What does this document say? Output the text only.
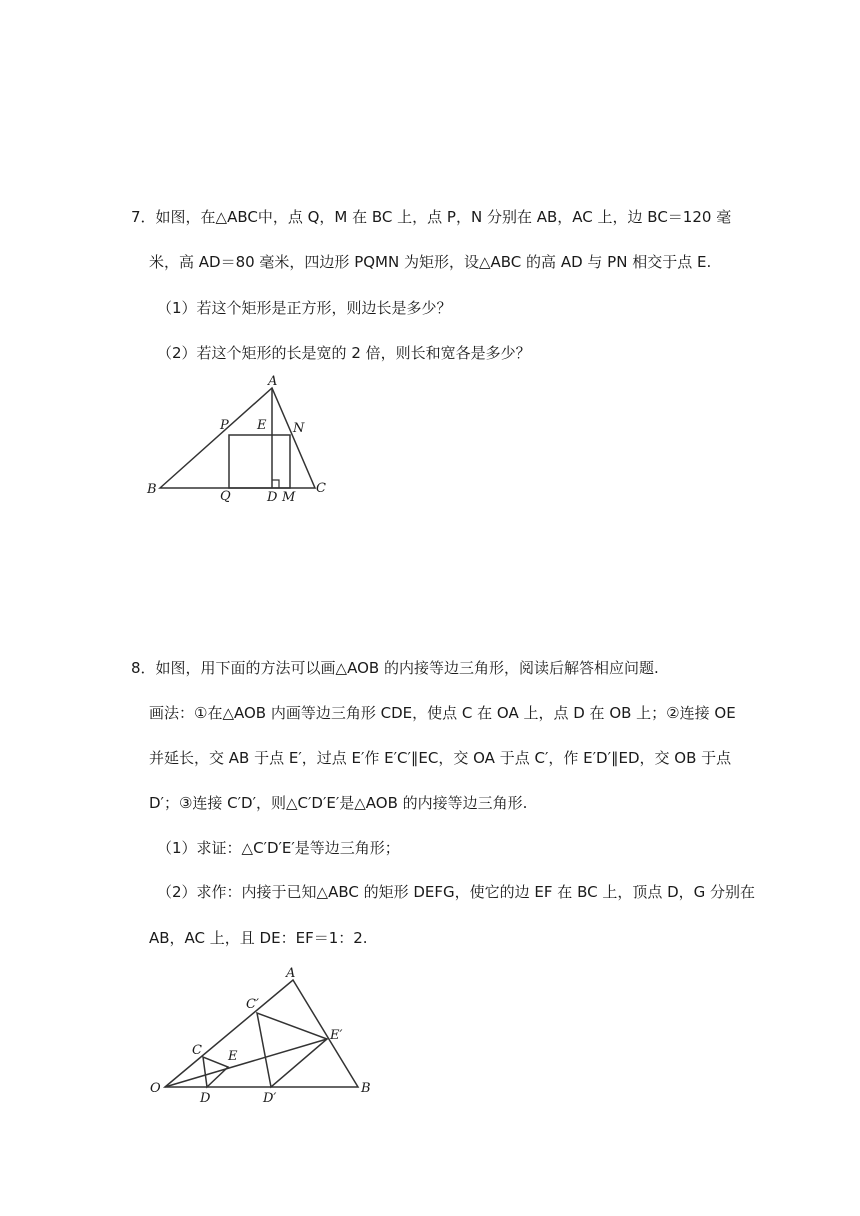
7．如图，在△ABC中，点 Q，M 在 BC 上，点 P，N 分别在 AB，AC 上，边 BC＝120 毫
米，高 AD＝80 毫米，四边形 PQMN 为矩形，设△ABC 的高 AD 与 PN 相交于点 E.
（1）若这个矩形是正方形，则边长是多少？
（2）若这个矩形的长是宽的 2 倍，则长和宽各是多少？
A
P E N
B	Q	D M
C
8．如图，用下面的方法可以画△AOB 的内接等边三角形，阅读后解答相应问题.
画法：①在△AOB 内画等边三角形 CDE，使点 C 在 OA 上，点 D 在 OB 上；②连接 OE
并延长，交 AB 于点 E′，过点 E′作 E′C′∥EC，交 OA 于点 C′，作 E′D′∥ED，交 OB 于点
D′；③连接 C′D′，则△C′D′E′是△AOB 的内接等边三角形.
（1）求证：△C′D′E′是等边三角形；
（2）求作：内接于已知△ABC 的矩形 DEFG，使它的边 EF 在 BC 上，顶点 D，G 分别在
AB，AC 上，且 DE：EF＝1：2.
A
C′
E′
C E
O
D	D′
B
